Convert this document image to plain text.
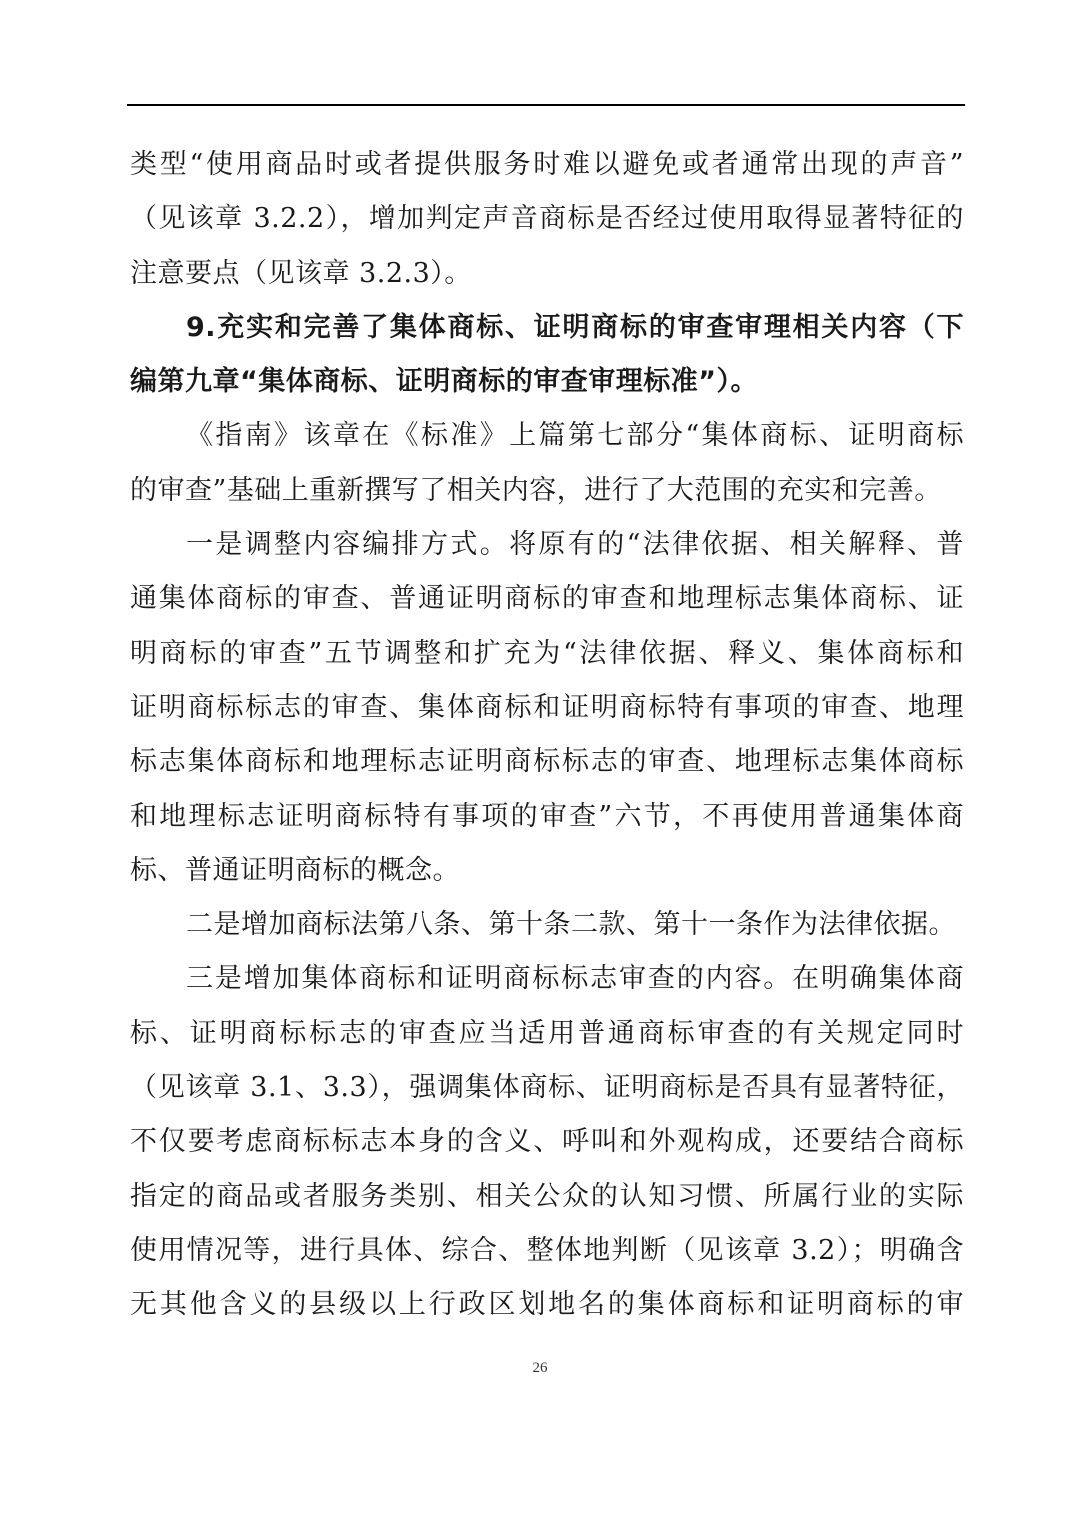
类型“使用商品时或者提供服务时难以避免或者通常出现的声音”
（见该章 3.2.2），增加判定声音商标是否经过使用取得显著特征的
注意要点（见该章 3.2.3）。
9.充实和完善了集体商标、证明商标的审查审理相关内容（下
编第九章“集体商标、证明商标的审查审理标准”）。
《指南》该章在《标准》上篇第七部分“集体商标、证明商标
的审查”基础上重新撰写了相关内容，进行了大范围的充实和完善。
一是调整内容编排方式。将原有的“法律依据、相关解释、普
通集体商标的审查、普通证明商标的审查和地理标志集体商标、证
明商标的审查”五节调整和扩充为“法律依据、释义、集体商标和
证明商标标志的审查、集体商标和证明商标特有事项的审查、地理
标志集体商标和地理标志证明商标标志的审查、地理标志集体商标
和地理标志证明商标特有事项的审查”六节，不再使用普通集体商
标、普通证明商标的概念。
二是增加商标法第八条、第十条二款、第十一条作为法律依据。
三是增加集体商标和证明商标标志审查的内容。在明确集体商
标、证明商标标志的审查应当适用普通商标审查的有关规定同时
（见该章 3.1、3.3），强调集体商标、证明商标是否具有显著特征，
不仅要考虑商标标志本身的含义、呼叫和外观构成，还要结合商标
指定的商品或者服务类别、相关公众的认知习惯、所属行业的实际
使用情况等，进行具体、综合、整体地判断（见该章 3.2）；明确含
无其他含义的县级以上行政区划地名的集体商标和证明商标的审
26
